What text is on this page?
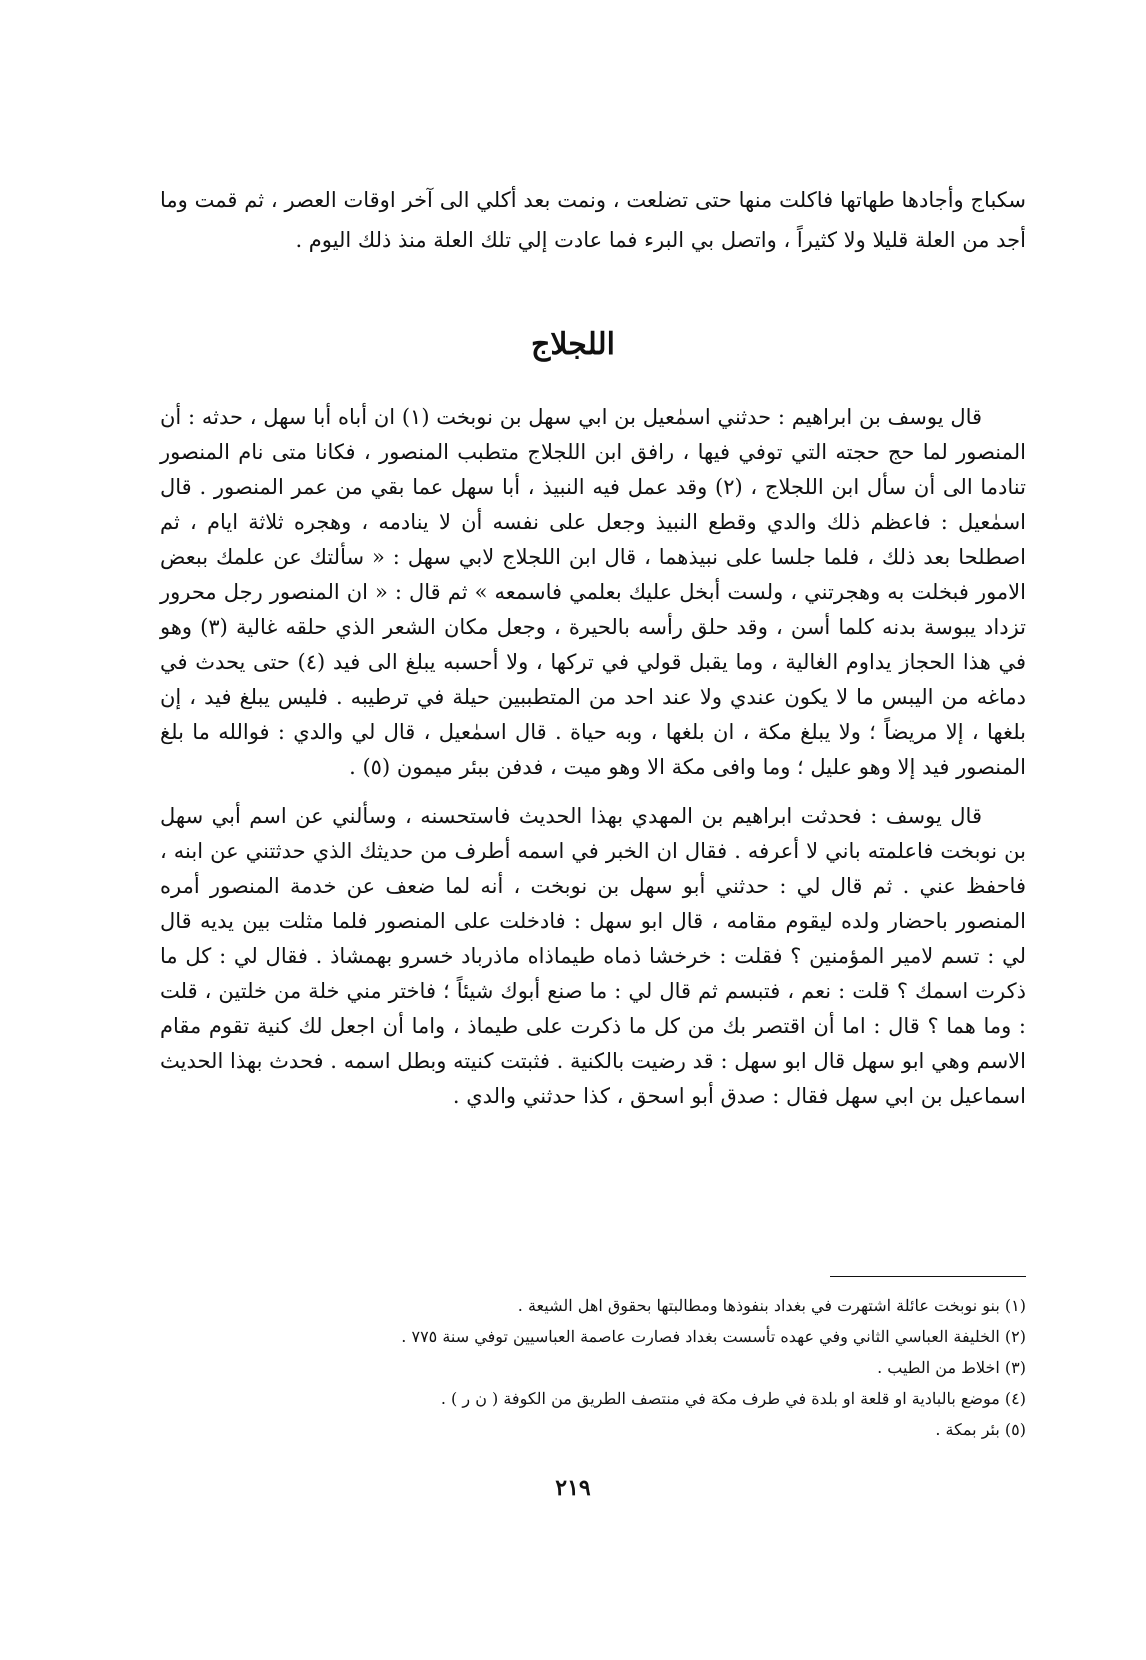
سكباج وأجادها طهاتها فاكلت منها حتى تضلعت ، ونمت بعد أكلي الى آخر اوقات العصر ، ثم قمت وما أجد من العلة قليلا ولا كثيراً ، واتصل بي البرء فما عادت إلي تلك العلة منذ ذلك اليوم .
اللجلاج

قال يوسف بن ابراهيم : حدثني اسمٰعيل بن ابي سهل بن نوبخت (١) ان أباه أبا سهل ، حدثه : أن المنصور لما حج حجته التي توفي فيها ، رافق ابن اللجلاج متطبب المنصور ، فكانا متى نام المنصور تنادما الى أن سأل ابن اللجلاج ، (٢) وقد عمل فيه النبيذ ، أبا سهل عما بقي من عمر المنصور . قال اسمٰعيل : فاعظم ذلك والدي وقطع النبيذ وجعل على نفسه أن لا ينادمه ، وهجره ثلاثة ايام ، ثم اصطلحا بعد ذلك ، فلما جلسا على نبيذهما ، قال ابن اللجلاج لابي سهل : « سألتك عن علمك ببعض الامور فبخلت به وهجرتني ، ولست أبخل عليك بعلمي فاسمعه » ثم قال : « ان المنصور رجل محرور تزداد يبوسة بدنه كلما أسن ، وقد حلق رأسه بالحيرة ، وجعل مكان الشعر الذي حلقه غالية (٣) وهو في هذا الحجاز يداوم الغالية ، وما يقبل قولي في تركها ، ولا أحسبه يبلغ الى فيد (٤) حتى يحدث في دماغه من اليبس ما لا يكون عندي ولا عند احد من المتطببين حيلة في ترطيبه . فليس يبلغ فيد ، إن بلغها ، إلا مريضاً ؛ ولا يبلغ مكة ، ان بلغها ، وبه حياة . قال اسمٰعيل ، قال لي والدي : فوالله ما بلغ المنصور فيد إلا وهو عليل ؛ وما وافى مكة الا وهو ميت ، فدفن ببئر ميمون (٥) .

قال يوسف : فحدثت ابراهيم بن المهدي بهذا الحديث فاستحسنه ، وسألني عن اسم أبي سهل بن نوبخت فاعلمته باني لا أعرفه . فقال ان الخبر في اسمه أطرف من حديثك الذي حدثتني عن ابنه ، فاحفظ عني . ثم قال لي : حدثني أبو سهل بن نوبخت ، أنه لما ضعف عن خدمة المنصور أمره المنصور باحضار ولده ليقوم مقامه ، قال ابو سهل : فادخلت على المنصور فلما مثلت بين يديه قال لي : تسم لامير المؤمنين ؟ فقلت : خرخشا ذماه طيماذاه ماذرباد خسرو بهمشاذ . فقال لي : كل ما ذكرت اسمك ؟ قلت : نعم ، فتبسم ثم قال لي : ما صنع أبوك شيئاً ؛ فاختر مني خلة من خلتين ، قلت : وما هما ؟ قال : اما أن اقتصر بك من كل ما ذكرت على طيماذ ، واما أن اجعل لك كنية تقوم مقام الاسم وهي ابو سهل قال ابو سهل : قد رضيت بالكنية . فثبتت كنيته وبطل اسمه . فحدث بهذا الحديث اسماعيل بن ابي سهل فقال : صدق أبو اسحق ، كذا حدثني والدي .

(١) بنو نوبخت عائلة اشتهرت في بغداد بنفوذها ومطالبتها بحقوق اهل الشيعة .
(٢) الخليفة العباسي الثاني وفي عهده تأسست بغداد فصارت عاصمة العباسيين توفي سنة ٧٧٥ .
(٣) اخلاط من الطيب .
(٤) موضع بالبادية او قلعة او بلدة في طرف مكة في منتصف الطريق من الكوفة ( ن ر ) .
(٥) بئر بمكة .
٢١٩
